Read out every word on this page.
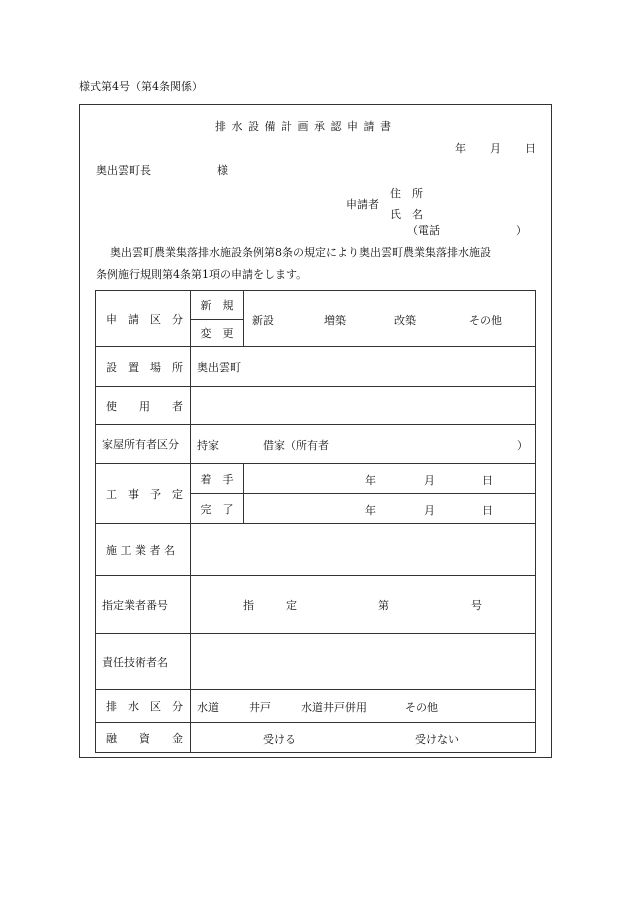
様式第4号（第4条関係）
排 水 設 備 計 画 承 認 申 請 書
年 月 日
奥出雲町長	様
申請者
住　所
氏　名
（電話	）
奥出雲町農業集落排水施設条例第8条の規定により奥出雲町農業集落排水施設
条例施行規則第4条第1項の申請をします。
申　請　区　分	新　規	新設 増築 改築 その他

	変　更	

設　置　場　所	奥出雲町	

使　　用　　者		

家屋所有者区分	持家 借家（所有者 ）	

工　事　予　定	着　手	年 月 日

	完　了	年 月 日

施 工 業 者 名		

指定業者番号	指 定 第 号	

責任技術者名		

排　水　区　分	水道 井戸 水道井戸併用 その他	

融　　資　　金	受ける 受けない	
